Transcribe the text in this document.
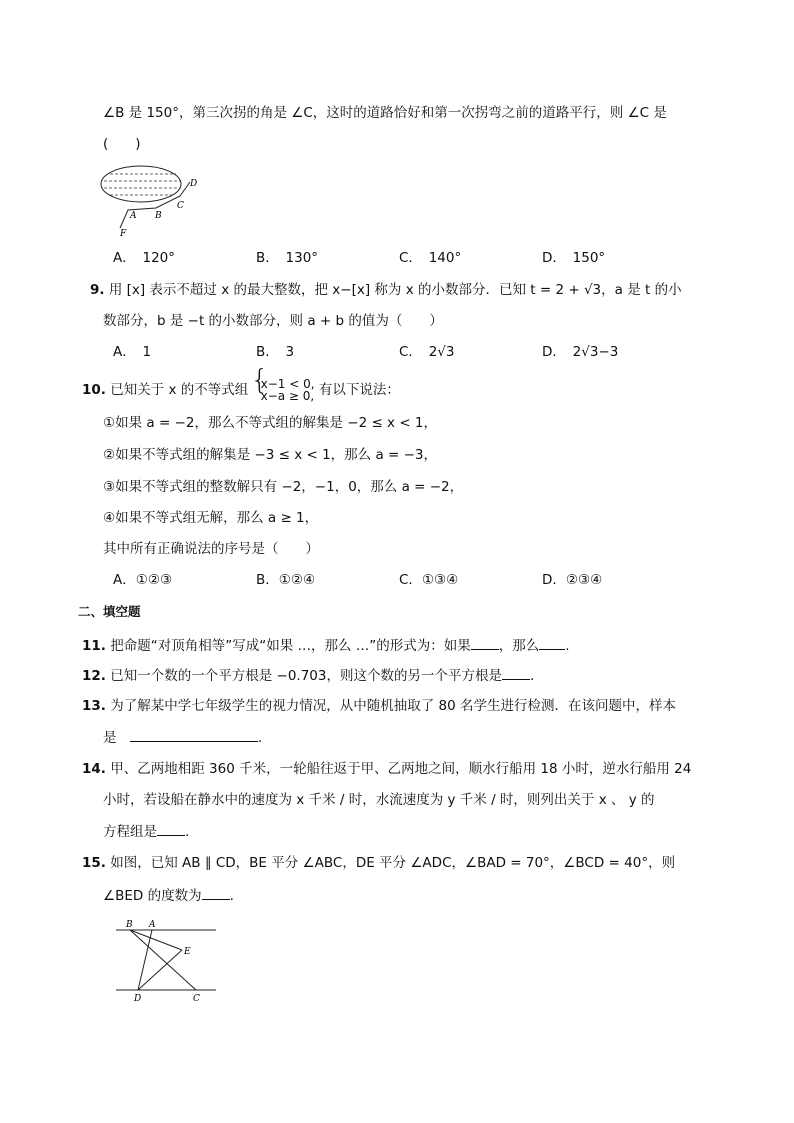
∠B 是 150°，第三次拐的角是 ∠C，这时的道路恰好和第一次拐弯之前的道路平行，则 ∠C 是
(　　)
D
C
B
A
F
A．　 120°	B．　 130°	C．　 140°	D．　 150°
9. 用 [x] 表示不超过 x 的最大整数，把 x−[x] 称为 x 的小数部分．已知 t = 2 + √3，a 是 t 的小
数部分，b 是 −t 的小数部分，则 a + b 的值为（　　）
A．　 1	B．　 3	C．　 2√3	D．　 2√3−3
10. 已知关于 x 的不等式组 { x−1 < 0,
x−a ≥ 0, 有以下说法：
①如果 a = −2，那么不等式组的解集是 −2 ≤ x < 1，
②如果不等式组的解集是 −3 ≤ x < 1，那么 a = −3，
③如果不等式组的整数解只有 −2，−1，0，那么 a = −2，
④如果不等式组无解，那么 a ≥ 1，
其中所有正确说法的序号是（　　）
A．①②③	B．①②④	C．①③④	D．②③④
二、填空题
11. 把命题“对顶角相等”写成“如果 …，那么 …”的形式为：如果 ，那么 .
12. 已知一个数的一个平方根是 −0.703，则这个数的另一个平方根是 .
13. 为了解某中学七年级学生的视力情况，从中随机抽取了 80 名学生进行检测．在该问题中，样本
是　	.
14. 甲、乙两地相距 360 千米，一轮船往返于甲、乙两地之间，顺水行船用 18 小时，逆水行船用 24
小时，若设船在静水中的速度为 x 千米 / 时，水流速度为 y 千米 / 时，则列出关于 x 、 y 的
方程组是 .
15. 如图，已知 AB ∥ CD，BE 平分 ∠ABC，DE 平分 ∠ADC，∠BAD = 70°，∠BCD = 40°，则
∠BED 的度数为 .
B A
E
D	C
